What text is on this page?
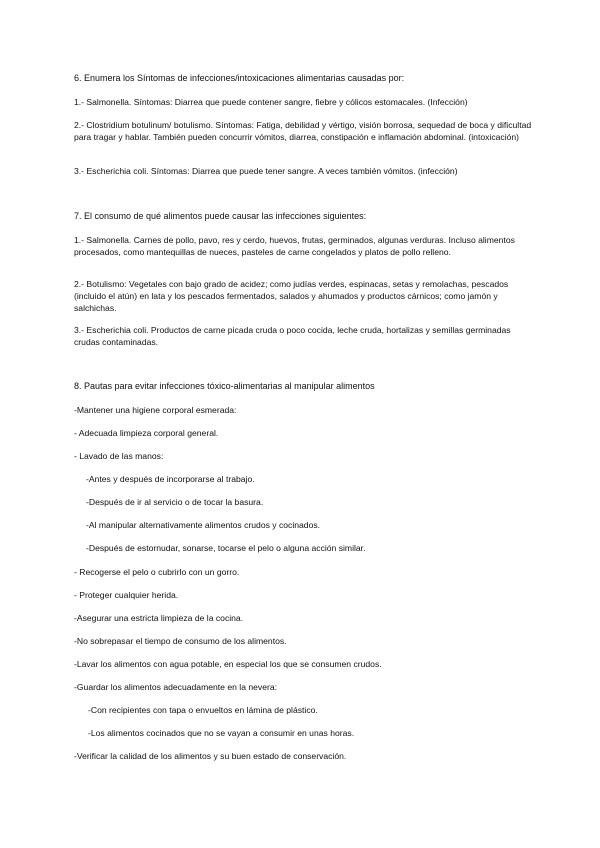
6. Enumera los Síntomas de infecciones/intoxicaciones alimentarias causadas por:

1.- Salmonella. Síntomas: Diarrea que puede contener sangre, fiebre y cólicos estomacales. (Infección)

2.- Clostridium botulinum/ botulismo. Síntomas: Fatiga, debilidad y vértigo, visión borrosa, sequedad de boca y dificultad para tragar y hablar. También pueden concurrir vómitos, diarrea, constipación e inflamación abdominal. (intoxicación)

3.- Escherichia coli. Síntomas: Diarrea que puede tener sangre. A veces también vómitos. (infección)

7. El consumo de qué alimentos puede causar las infecciones siguientes:

1.- Salmonella. Carnes de pollo, pavo, res y cerdo, huevos, frutas, germinados, algunas verduras. Incluso alimentos procesados, como mantequillas de nueces, pasteles de carne congelados y platos de pollo relleno.

2.- Botulismo: Vegetales con bajo grado de acidez; como judías verdes, espinacas, setas y remolachas, pescados (incluido el atún) en lata y los pescados fermentados, salados y ahumados y productos cárnicos; como jamón y salchichas.

3.- Escherichia coli. Productos de carne picada cruda o poco cocida, leche cruda, hortalizas y semillas germinadas crudas contaminadas.

8. Pautas para evitar infecciones tóxico-alimentarias al manipular alimentos

-Mantener una higiene corporal esmerada:

- Adecuada limpieza corporal general.

- Lavado de las manos:

-Antes y después de incorporarse al trabajo.

-Después de ir al servicio o de tocar la basura.

-Al manipular alternativamente alimentos crudos y cocinados.

-Después de estornudar, sonarse, tocarse el pelo o alguna acción similar.

- Recogerse el pelo o cubrirlo con un gorro.

- Proteger cualquier herida.

-Asegurar una estricta limpieza de la cocina.

-No sobrepasar el tiempo de consumo de los alimentos.

-Lavar los alimentos con agua potable, en especial los que se consumen crudos.

-Guardar los alimentos adecuadamente en la nevera:

-Con recipientes con tapa o envueltos en lámina de plástico.

-Los alimentos cocinados que no se vayan a consumir en unas horas.

-Verificar la calidad de los alimentos y su buen estado de conservación.
